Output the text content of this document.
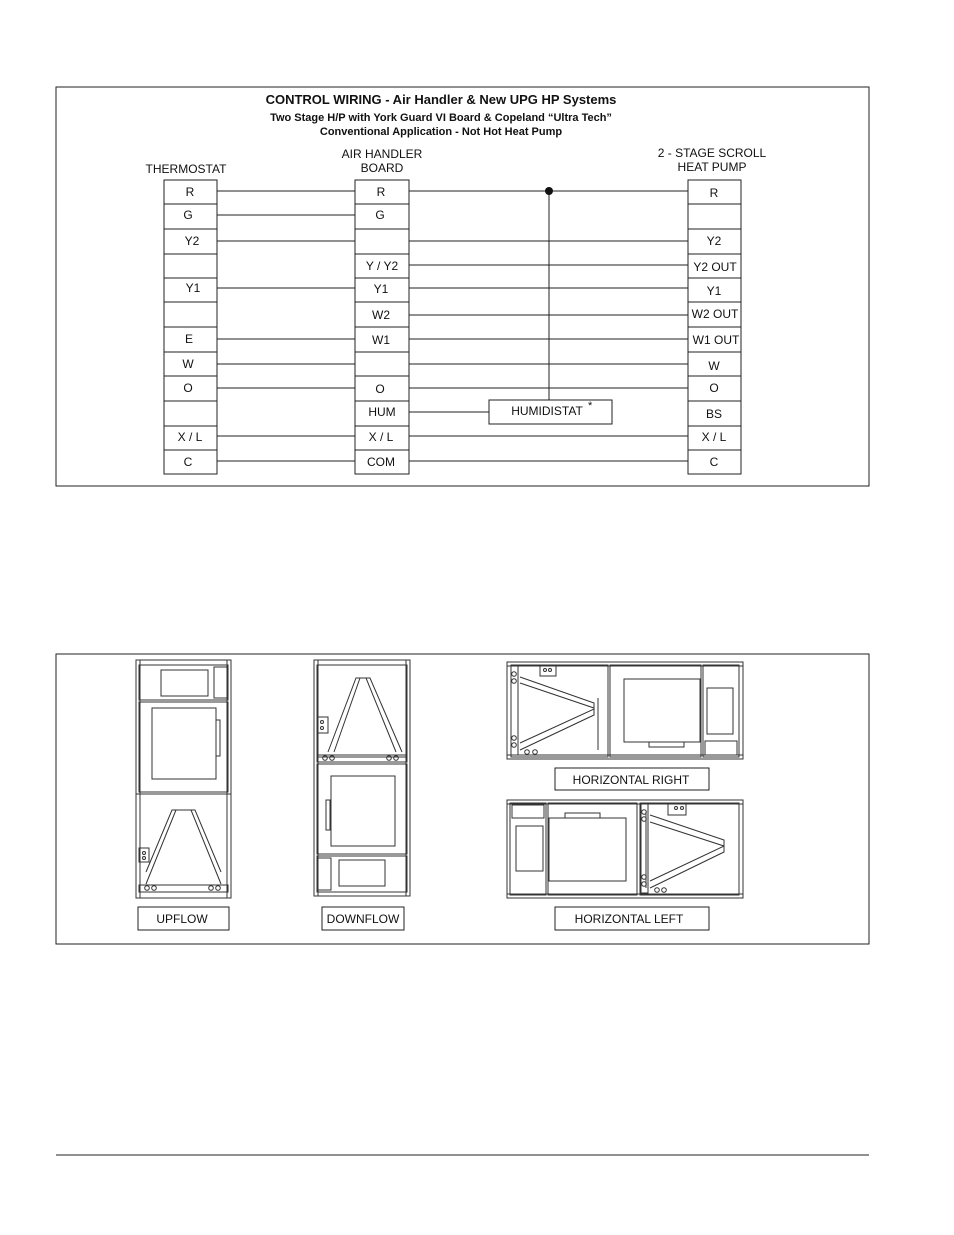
CONTROL WIRING - Air Handler & New UPG HP Systems
Two Stage H/P with York Guard VI Board & Copeland “Ultra Tech”
Conventional Application - Not Hot Heat Pump
THERMOSTAT
AIR HANDLER
BOARD
2 - STAGE SCROLL
HEAT PUMP
HUMIDISTAT *
R
G
Y2
Y1
E
W
O
X / L
C
R
G
Y / Y2
Y1
W2
W1
O
HUM
X / L
COM
R
Y2
Y2 OUT
Y1
W2 OUT
W1 OUT
W
O
BS
X / L
C
UPFLOW	DOWNFLOW
HORIZONTAL RIGHT
HORIZONTAL LEFT
